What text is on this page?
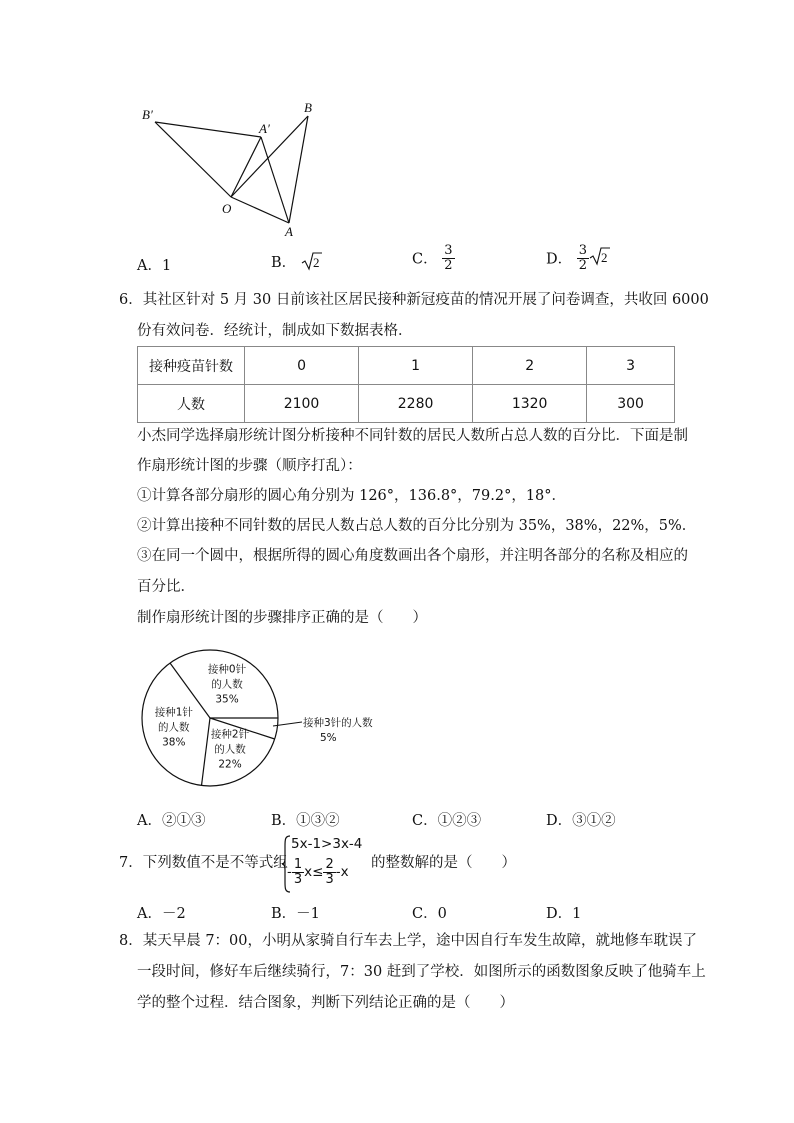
B′
A′
B
O
A
A．1	B． 2	C． $\frac{3}{2}$	D． $\frac{3}{2} 2$
6．其社区针对 5 月 30 日前该社区居民接种新冠疫苗的情况开展了问卷调查，共收回 6000
份有效问卷．经统计，制成如下数据表格．
接种疫苗针数	0	1	2	3
人数	2100	2280	1320	300
小杰同学选择扇形统计图分析接种不同针数的居民人数所占总人数的百分比．下面是制
作扇形统计图的步骤（顺序打乱）：
①计算各部分扇形的圆心角分别为 126°，136.8°，79.2°，18°．
②计算出接种不同针数的居民人数占总人数的百分比分别为 35%，38%，22%，5%．
③在同一个圆中，根据所得的圆心角度数画出各个扇形，并注明各部分的名称及相应的
百分比．
制作扇形统计图的步骤排序正确的是（　　）
接种0针的人数 35%
接种1针的人数 38%
接种2针的人数 22%
接种3针的人数 5%
A．②①③	B．①③②	C．①②③	D．③①②
7．下列数值不是不等式组
5x-1>3x-4
- $\frac{1}{3} x\le \frac{2}{3} -x$
的整数解的是（　　）
A．－2	B．－1	C．0	D．1
8．某天早晨 7：00，小明从家骑自行车去上学，途中因自行车发生故障，就地修车耽误了
一段时间，修好车后继续骑行，7：30 赶到了学校．如图所示的函数图象反映了他骑车上
学的整个过程．结合图象，判断下列结论正确的是（　　）
